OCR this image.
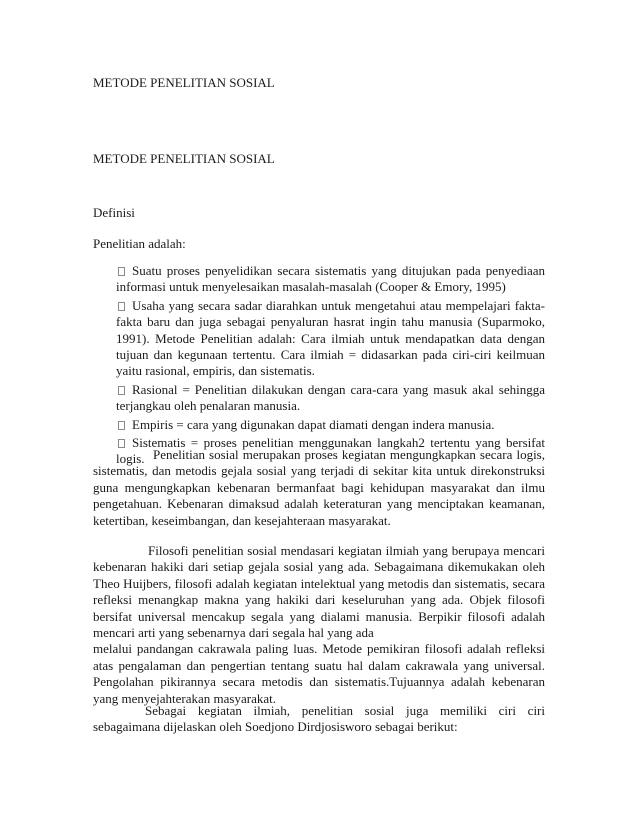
METODE PENELITIAN SOSIAL
METODE PENELITIAN SOSIAL
Definisi
Penelitian adalah:
Suatu proses penyelidikan secara sistematis yang ditujukan pada penyediaan informasi untuk menyelesaikan masalah-masalah (Cooper & Emory, 1995)
Usaha yang secara sadar diarahkan untuk mengetahui atau mempelajari fakta-fakta baru dan juga sebagai penyaluran hasrat ingin tahu manusia (Suparmoko, 1991). Metode Penelitian adalah: Cara ilmiah untuk mendapatkan data dengan tujuan dan kegunaan tertentu. Cara ilmiah = didasarkan pada ciri-ciri keilmuan yaitu rasional, empiris, dan sistematis.
Rasional = Penelitian dilakukan dengan cara-cara yang masuk akal sehingga terjangkau oleh penalaran manusia.
Empiris = cara yang digunakan dapat diamati dengan indera manusia.
Sistematis = proses penelitian menggunakan langkah2 tertentu yang bersifat logis. Penelitian sosial merupakan proses kegiatan mengungkapkan secara logis, sistematis, dan metodis gejala sosial yang terjadi di sekitar kita untuk direkonstruksi guna mengungkapkan kebenaran bermanfaat bagi kehidupan masyarakat dan ilmu pengetahuan. Kebenaran dimaksud adalah keteraturan yang menciptakan keamanan, ketertiban, keseimbangan, dan kesejahteraan masyarakat.

Filosofi penelitian sosial mendasari kegiatan ilmiah yang berupaya mencari kebenaran hakiki dari setiap gejala sosial yang ada. Sebagaimana dikemukakan oleh Theo Huijbers, filosofi adalah kegiatan intelektual yang metodis dan sistematis, secara refleksi menangkap makna yang hakiki dari keseluruhan yang ada. Objek filosofi bersifat universal mencakup segala yang dialami manusia. Berpikir filosofi adalah mencari arti yang sebenarnya dari segala hal yang ada
melalui pandangan cakrawala paling luas. Metode pemikiran filosofi adalah refleksi atas pengalaman dan pengertian tentang suatu hal dalam cakrawala yang universal. Pengolahan pikirannya secara metodis dan sistematis.Tujuannya adalah kebenaran yang menyejahterakan masyarakat.

Sebagai kegiatan ilmiah, penelitian sosial juga memiliki ciri ciri sebagaimana dijelaskan oleh Soedjono Dirdjosisworo sebagai berikut:
